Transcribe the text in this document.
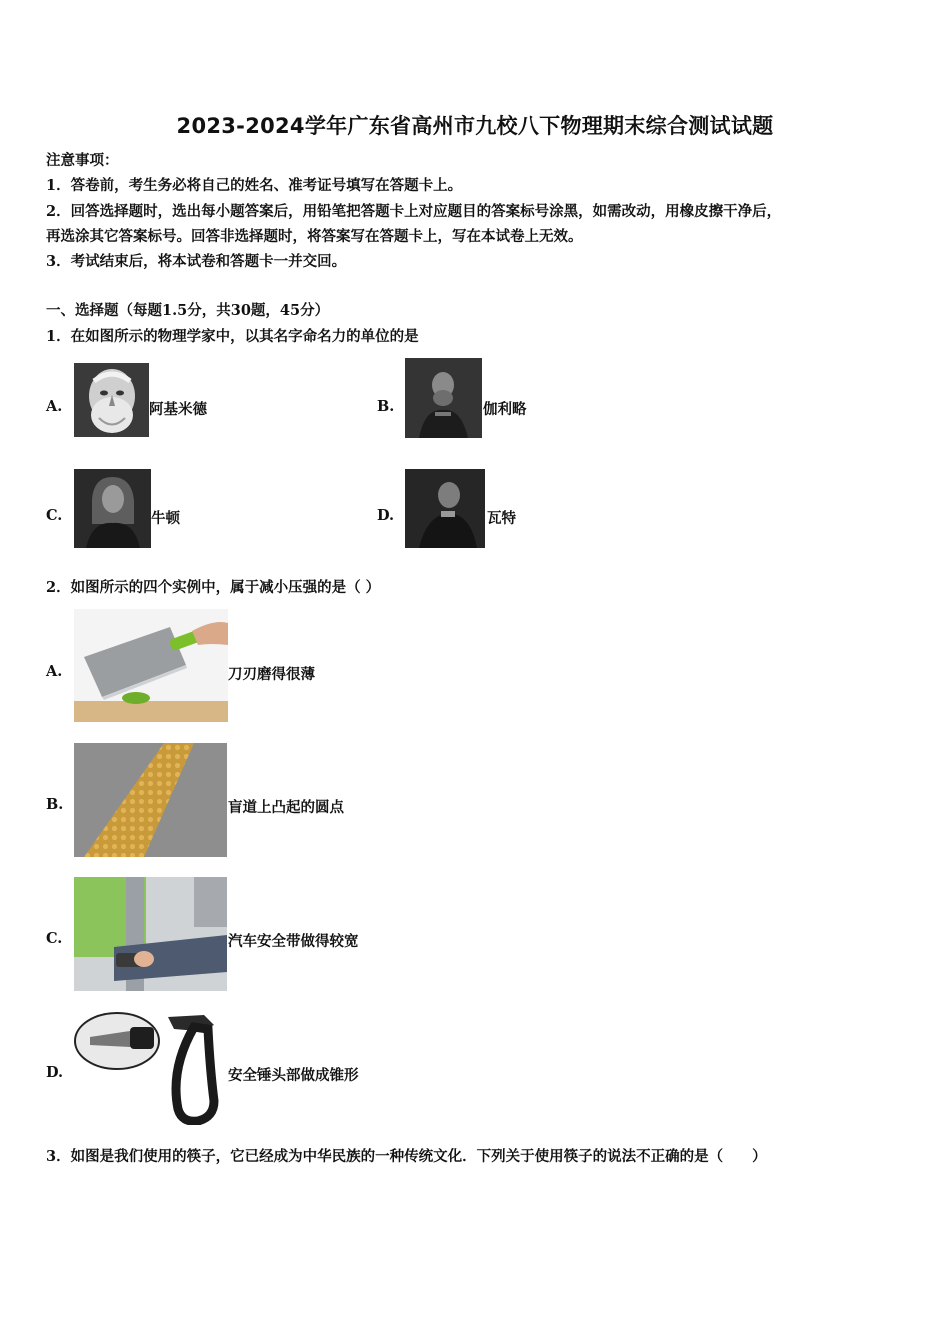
2023-2024学年广东省高州市九校八下物理期末综合测试试题
注意事项：
1．答卷前，考生务必将自己的姓名、准考证号填写在答题卡上。
2．回答选择题时，选出每小题答案后，用铅笔把答题卡上对应题目的答案标号涂黑，如需改动，用橡皮擦干净后，
再选涂其它答案标号。回答非选择题时，将答案写在答题卡上，写在本试卷上无效。
3．考试结束后，将本试卷和答题卡一并交回。
一、选择题（每题1.5分，共30题，45分）
1．在如图所示的物理学家中，以其名字命名力的单位的是
A.	阿基米德	B.	伽利略
C.	牛顿	D.	瓦特
2．如图所示的四个实例中，属于减小压强的是（ ）
A.	刀刃磨得很薄
B.	盲道上凸起的圆点
C.	汽车安全带做得较宽
D.	安全锤头部做成锥形
3．如图是我们使用的筷子，它已经成为中华民族的一种传统文化．下列关于使用筷子的说法不正确的是（　　）
